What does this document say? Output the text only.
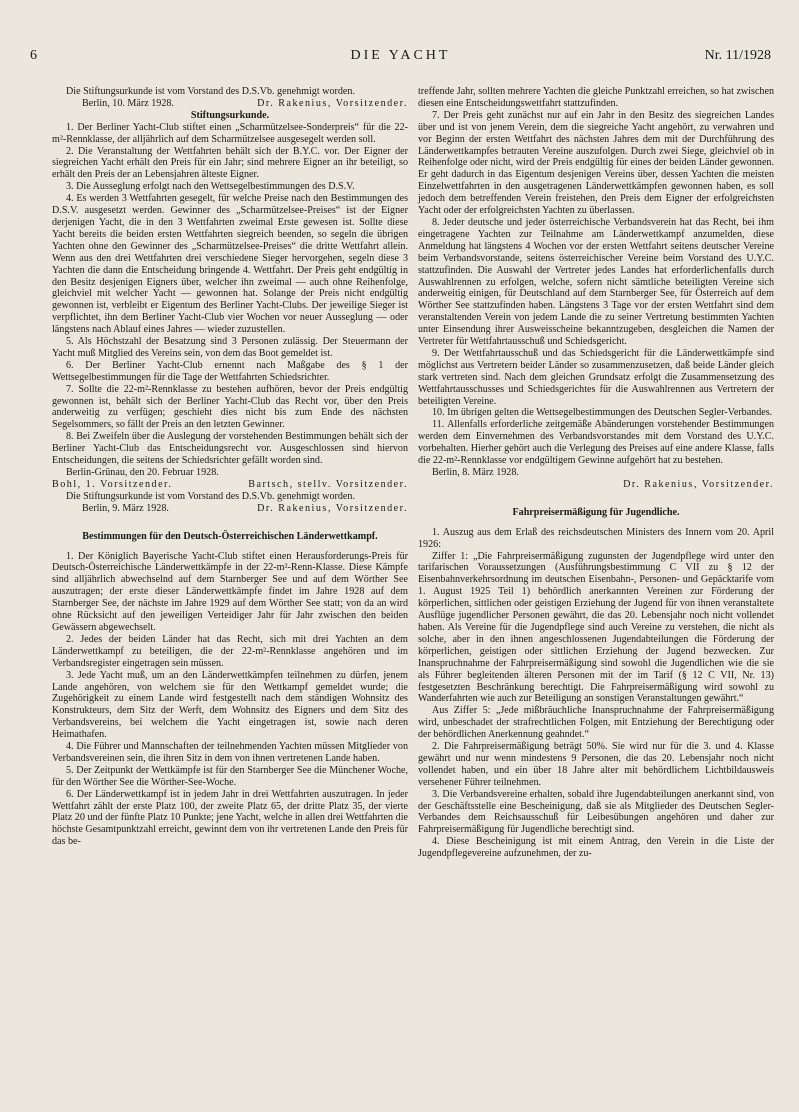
6	DIE YACHT	Nr. 11/1928

Die Stiftungsurkunde ist vom Vorstand des D.S.Vb. genehmigt worden.

Berlin, 10. März 1928.	Dr. Rakenius, Vorsitzender.
Stiftungsurkunde.

1. Der Berliner Yacht-Club stiftet einen „Scharmützelsee-Sonderpreis“ für die 22-m²-Rennklasse, der alljährlich auf dem Scharmützelsee ausgesegelt werden soll.

2. Die Veranstaltung der Wettfahrten behält sich der B.Y.C. vor. Der Eigner der siegreichen Yacht erhält den Preis für ein Jahr; sind mehrere Eigner an ihr beteiligt, so erhält den Preis der an Lebensjahren älteste Eigner.

3. Die Ausseglung erfolgt nach den Wettsegelbestimmungen des D.S.V.

4. Es werden 3 Wettfahrten gesegelt, für welche Preise nach den Bestimmungen des D.S.V. ausgesetzt werden. Gewinner des „Scharmützelsee-Preises“ ist der Eigner derjenigen Yacht, die in den 3 Wettfahrten zweimal Erste gewesen ist. Sollte diese Yacht bereits die beiden ersten Wettfahrten siegreich beenden, so segeln die übrigen Yachten ohne den Gewinner des „Scharmützelsee-Preises“ die dritte Wettfahrt allein. Wenn aus den drei Wettfahrten drei verschiedene Sieger hervorgehen, segeln diese 3 Yachten die dann die Entscheidung bringende 4. Wettfahrt. Der Preis geht endgültig in den Besitz desjenigen Eigners über, welcher ihn zweimal — auch ohne Reihenfolge, gleichviel mit welcher Yacht — gewonnen hat. Solange der Preis nicht endgültig gewonnen ist, verbleibt er Eigentum des Berliner Yacht-Clubs. Der jeweilige Sieger ist verpflichtet, ihn dem Berliner Yacht-Club vier Wochen vor neuer Ausseglung — oder längstens nach Ablauf eines Jahres — wieder zuzustellen.

5. Als Höchstzahl der Besatzung sind 3 Personen zulässig. Der Steuermann der Yacht muß Mitglied des Vereins sein, von dem das Boot gemeldet ist.

6. Der Berliner Yacht-Club ernennt nach Maßgabe des § 1 der Wettsegelbestimmungen für die Tage der Wettfahrten Schiedsrichter.

7. Sollte die 22-m²-Rennklasse zu bestehen aufhören, bevor der Preis endgültig gewonnen ist, behält sich der Berliner Yacht-Club das Recht vor, über den Preis anderweitig zu verfügen; geschieht dies nicht bis zum Ende des nächsten Segelsommers, so fällt der Preis an den letzten Gewinner.

8. Bei Zweifeln über die Auslegung der vorstehenden Bestimmungen behält sich der Berliner Yacht-Club das Entscheidungsrecht vor. Ausgeschlossen sind hiervon Entscheidungen, die seitens der Schiedsrichter gefällt worden sind.

Berlin-Grünau, den 20. Februar 1928.

Bohl, 1. Vorsitzender.	Bartsch, stellv. Vorsitzender.

Die Stiftungsurkunde ist vom Vorstand des D.S.Vb. genehmigt worden.

Berlin, 9. März 1928.	Dr. Rakenius, Vorsitzender.
Bestimmungen für den Deutsch-Österreichischen Länderwettkampf.

1. Der Königlich Bayerische Yacht-Club stiftet einen Herausforderungs-Preis für Deutsch-Österreichische Länderwettkämpfe in der 22-m²-Renn-Klasse. Diese Kämpfe sind alljährlich abwechselnd auf dem Starnberger See und auf dem Wörther See auszutragen; der erste dieser Länderwettkämpfe findet im Jahre 1928 auf dem Starnberger See, der nächste im Jahre 1929 auf dem Wörther See statt; von da an wird ohne Rücksicht auf den jeweiligen Verteidiger Jahr für Jahr zwischen den beiden Gewässern abgewechselt.

2. Jedes der beiden Länder hat das Recht, sich mit drei Yachten an dem Länderwettkampf zu beteiligen, die der 22-m²-Rennklasse angehören und im Verbandsregister eingetragen sein müssen.

3. Jede Yacht muß, um an den Länderwettkämpfen teilnehmen zu dürfen, jenem Lande angehören, von welchem sie für den Wettkampf gemeldet wurde; die Zugehörigkeit zu einem Lande wird festgestellt nach dem ständigen Wohnsitz des Konstrukteurs, dem Sitz der Werft, dem Wohnsitz des Eigners und dem Sitz des Verbandsvereins, bei welchem die Yacht eingetragen ist, sowie nach deren Heimathafen.

4. Die Führer und Mannschaften der teilnehmenden Yachten müssen Mitglieder von Verbandsvereinen sein, die ihren Sitz in dem von ihnen vertretenen Lande haben.

5. Der Zeitpunkt der Wettkämpfe ist für den Starnberger See die Münchener Woche, für den Wörther See die Wörther-See-Woche.

6. Der Länderwettkampf ist in jedem Jahr in drei Wettfahrten auszutragen. In jeder Wettfahrt zählt der erste Platz 100, der zweite Platz 65, der dritte Platz 35, der vierte Platz 20 und der fünfte Platz 10 Punkte; jene Yacht, welche in allen drei Wettfahrten die höchste Gesamtpunktzahl erreicht, gewinnt dem von ihr vertretenen Lande den Preis für das be-

treffende Jahr, sollten mehrere Yachten die gleiche Punktzahl erreichen, so hat zwischen diesen eine Entscheidungswettfahrt stattzufinden.

7. Der Preis geht zunächst nur auf ein Jahr in den Besitz des siegreichen Landes über und ist von jenem Verein, dem die siegreiche Yacht angehört, zu verwahren und vor Beginn der ersten Wettfahrt des nächsten Jahres dem mit der Durchführung des Länderwettkampfes betrauten Vereine auszufolgen. Durch zwei Siege, gleichviel ob in Reihenfolge oder nicht, wird der Preis endgültig für eines der beiden Länder gewonnen. Er geht dadurch in das Eigentum desjenigen Vereins über, dessen Yachten die meisten Einzelwettfahrten in den ausgetragenen Länderwettkämpfen gewonnen haben, es soll jedoch dem betreffenden Verein freistehen, den Preis dem Eigner der erfolgreichsten Yacht oder der erfolgreichsten Yachten zu überlassen.

8. Jeder deutsche und jeder österreichische Verbandsverein hat das Recht, bei ihm eingetragene Yachten zur Teilnahme am Länderwettkampf anzumelden, diese Anmeldung hat längstens 4 Wochen vor der ersten Wettfahrt seitens deutscher Vereine beim Verbandsvorstande, seitens österreichischer Vereine beim Vorstand des U.Y.C. stattzufinden. Die Auswahl der Vertreter jedes Landes hat erforderlichenfalls durch Auswahlrennen zu erfolgen, welche, sofern nicht sämtliche beteiligten Vereine sich anderweitig einigen, für Deutschland auf dem Starnberger See, für Österreich auf dem Wörther See stattzufinden haben. Längstens 3 Tage vor der ersten Wettfahrt sind dem veranstaltenden Verein von jedem Lande die zu seiner Vertretung bestimmten Yachten unter Einsendung ihrer Ausweisscheine bekanntzugeben, desgleichen die Namen der Vertreter für Wettfahrtausschuß und Schiedsgericht.

9. Der Wettfahrtausschuß und das Schiedsgericht für die Länderwettkämpfe sind möglichst aus Vertretern beider Länder so zusammenzusetzen, daß beide Länder gleich stark vertreten sind. Nach dem gleichen Grundsatz erfolgt die Zusammensetzung des Wettfahrtausschusses und Schiedsgerichtes für die Auswahlrennen aus Vertretern der beteiligten Vereine.

10. Im übrigen gelten die Wettsegelbestimmungen des Deutschen Segler-Verbandes.

11. Allenfalls erforderliche zeitgemäße Abänderungen vorstehender Bestimmungen werden dem Einvernehmen des Verbandsvorstandes mit dem Vorstand des U.Y.C. vorbehalten. Hierher gehört auch die Verlegung des Preises auf eine andere Klasse, falls die 22-m²-Rennklasse vor endgültigem Gewinne aufgehört hat zu bestehen.

Berlin, 8. März 1928.

Dr. Rakenius, Vorsitzender.
Fahrpreisermäßigung für Jugendliche.

1. Auszug aus dem Erlaß des reichsdeutschen Ministers des Innern vom 20. April 1926:

Ziffer 1: „Die Fahrpreisermäßigung zugunsten der Jugendpflege wird unter den tarifarischen Voraussetzungen (Ausführungsbestimmung C VII zu § 12 der Eisenbahnverkehrsordnung im deutschen Eisenbahn-, Personen- und Gepäcktarife vom 1. August 1925 Teil 1) behördlich anerkannten Vereinen zur Förderung der körperlichen, sittlichen oder geistigen Erziehung der Jugend für von ihnen veranstaltete Ausflüge jugendlicher Personen gewährt, die das 20. Lebensjahr noch nicht vollendet haben. Als Vereine für die Jugendpflege sind auch Vereine zu verstehen, die nicht als solche, aber in den ihnen angeschlossenen Jugendabteilungen die Förderung der körperlichen, geistigen oder sittlichen Erziehung der Jugend bezwecken. Zur Inanspruchnahme der Fahrpreisermäßigung sind sowohl die Jugendlichen wie die sie als Führer begleitenden älteren Personen mit der im Tarif (§ 12 C VII, Nr. 13) festgesetzten Beschränkung berechtigt. Die Fahrpreisermäßigung wird sowohl zu Wanderfahrten wie auch zur Beteiligung an sonstigen Veranstaltungen gewährt.“

Aus Ziffer 5: „Jede mißbräuchliche Inanspruchnahme der Fahrpreisermäßigung wird, unbeschadet der strafrechtlichen Folgen, mit Entziehung der Berechtigung oder der behördlichen Anerkennung geahndet.“

2. Die Fahrpreisermäßigung beträgt 50%. Sie wird nur für die 3. und 4. Klasse gewährt und nur wenn mindestens 9 Personen, die das 20. Lebensjahr noch nicht vollendet haben, und ein über 18 Jahre alter mit behördlichem Lichtbildausweis versehener Führer teilnehmen.

3. Die Verbandsvereine erhalten, sobald ihre Jugendabteilungen anerkannt sind, von der Geschäftsstelle eine Bescheinigung, daß sie als Mitglieder des Deutschen Segler-Verbandes dem Reichsausschuß für Leibesübungen angehören und daher zur Fahrpreisermäßigung für Jugendliche berechtigt sind.

4. Diese Bescheinigung ist mit einem Antrag, den Verein in die Liste der Jugendpflegevereine aufzunehmen, der zu-
